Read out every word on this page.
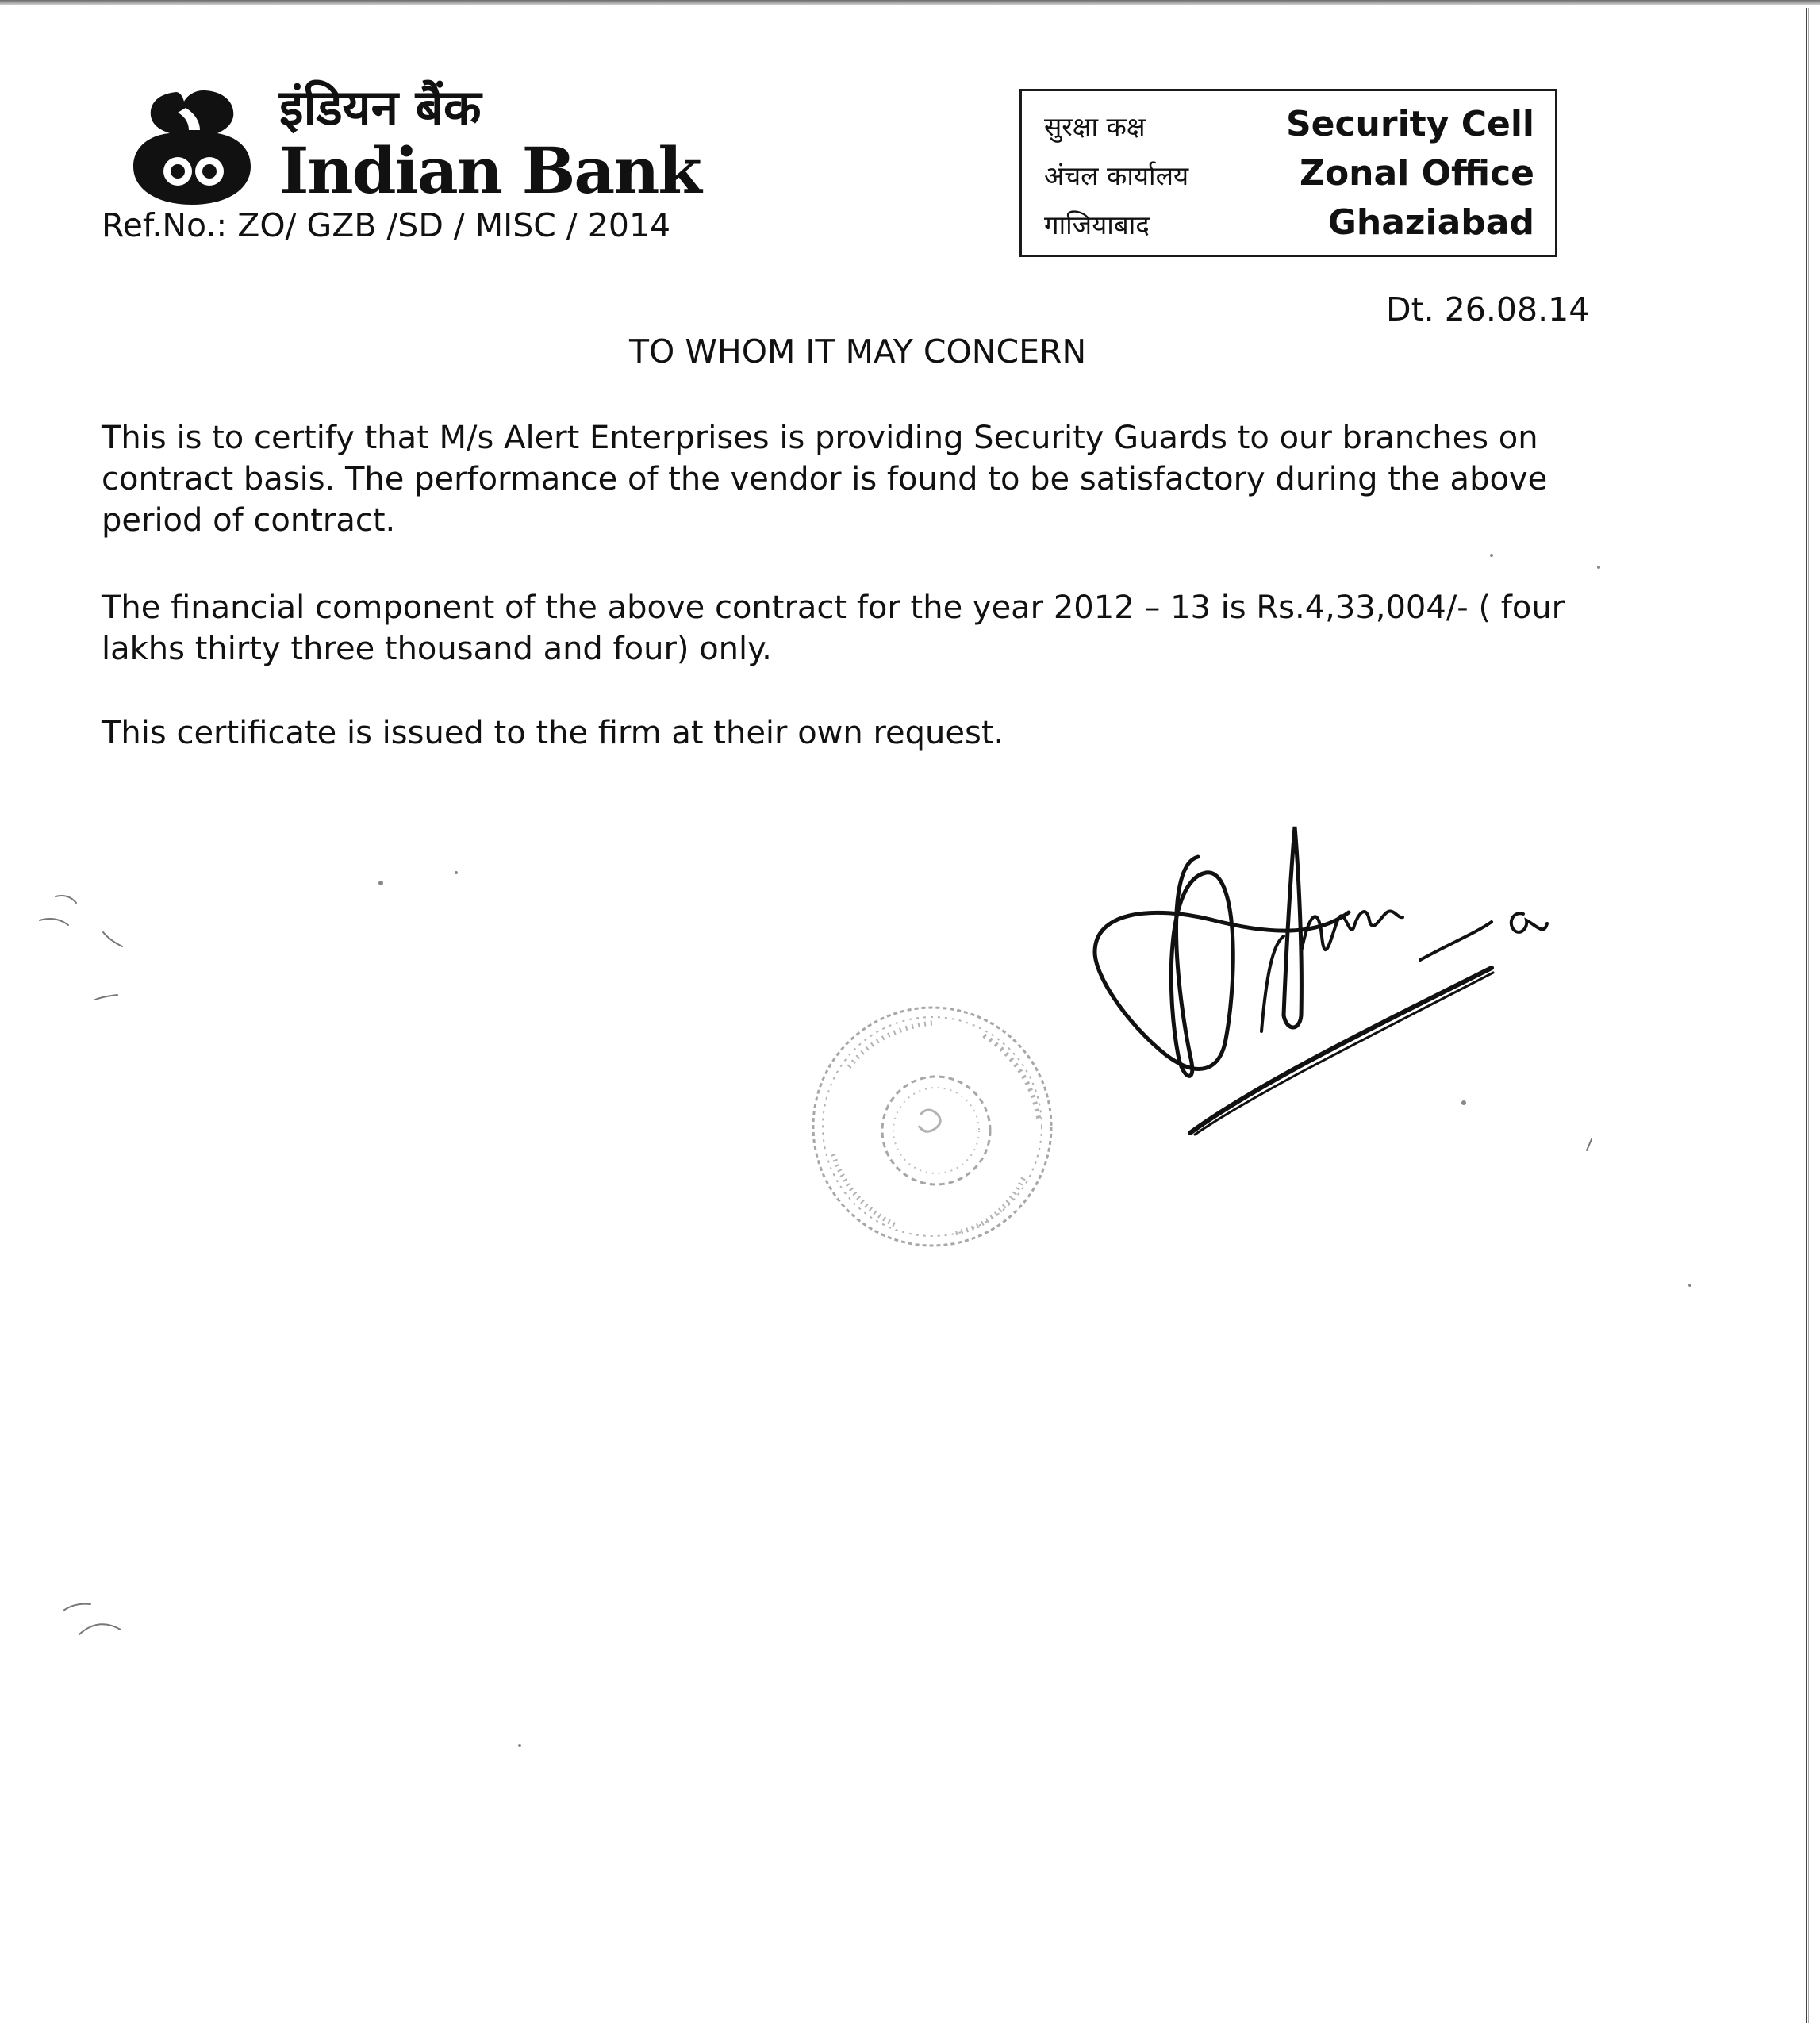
इंडियन बैंक
Indian Bank
Ref.No.: ZO/ GZB /SD / MISC / 2014
सुरक्षा कक्ष	Security Cell
अंचल कार्यालय	Zonal Office
गाजियाबाद	Ghaziabad
Dt. 26.08.14
TO WHOM IT MAY CONCERN

This is to certify that M/s Alert Enterprises is providing Security Guards to our branches on contract basis. The performance of the vendor is found to be satisfactory during the above period of contract.

The financial component of the above contract for the year 2012 – 13 is Rs.4,33,004/- ( four lakhs thirty three thousand and four) only.

This certificate is issued to the firm at their own request.
